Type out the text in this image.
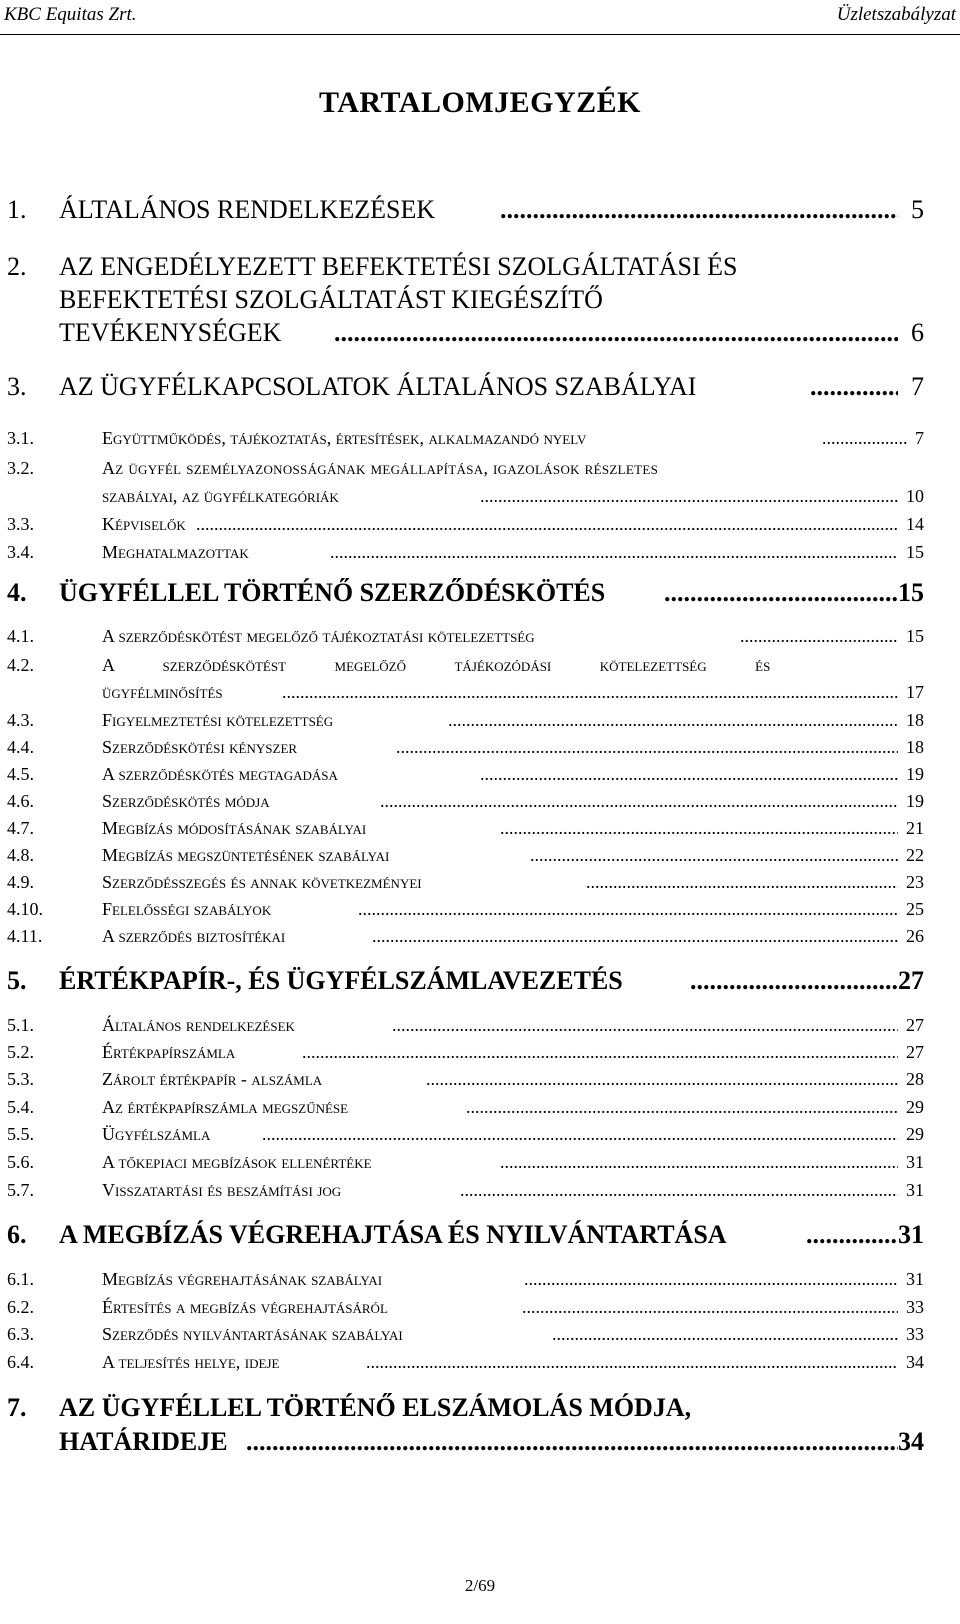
KBC Equitas Zrt.	Üzletszabályzat
TARTALOMJEGYZÉK
1. ÁLTALÁNOS RENDELKEZÉSEK .....	5
2. AZ ENGEDÉLYEZETT BEFEKTETÉSI SZOLGÁLTATÁSI ÉS
BEFEKTETÉSI SZOLGÁLTATÁST KIEGÉSZÍTŐ
TEVÉKENYSÉGEK .....	6
3. AZ ÜGYFÉLKAPCSOLATOK ÁLTALÁNOS SZABÁLYAI .....	7
3.1.	Együttműködés, tájékoztatás, értesítések, alkalmazandó nyelv .....	7
3.2.	Az ügyfél személyazonosságának megállapítása, igazolások részletes
szabályai, az ügyfélkategóriák .....	10
3.3.	Képviselők .....	14
3.4.	Meghatalmazottak .....	15
4. ÜGYFÉLLEL TÖRTÉNŐ SZERZŐDÉSKÖTÉS .....	15
4.1.	A szerződéskötést megelőző tájékoztatási kötelezettség .....	15
4.2.	A szerződéskötést megelőző tájékozódási kötelezettség és
ügyfélminősítés .....	17
4.3.	Figyelmeztetési kötelezettség .....	18
4.4.	Szerződéskötési kényszer .....	18
4.5.	A szerződéskötés megtagadása .....	19
4.6.	Szerződéskötés módja .....	19
4.7.	Megbízás módosításának szabályai .....	21
4.8.	Megbízás megszüntetésének szabályai .....	22
4.9.	Szerződésszegés és annak következményei .....	23
4.10.	Felelősségi szabályok .....	25
4.11.	A szerződés biztosítékai .....	26
5. ÉRTÉKPAPÍR-, ÉS ÜGYFÉLSZÁMLAVEZETÉS .....	27
5.1.	Általános rendelkezések .....	27
5.2.	Értékpapírszámla .....	27
5.3.	Zárolt értékpapír - alszámla .....	28
5.4.	Az értékpapírszámla megszűnése .....	29
5.5.	Ügyfélszámla .....	29
5.6.	A tőkepiaci megbízások ellenértéke .....	31
5.7.	Visszatartási és beszámítási jog .....	31
6. A MEGBÍZÁS VÉGREHAJTÁSA ÉS NYILVÁNTARTÁSA .....	31
6.1.	Megbízás végrehajtásának szabályai .....	31
6.2.	Értesítés a megbízás végrehajtásáról .....	33
6.3.	Szerződés nyilvántartásának szabályai .....	33
6.4.	A teljesítés helye, ideje .....	34
7. AZ ÜGYFÉLLEL TÖRTÉNŐ ELSZÁMOLÁS MÓDJA,
HATÁRIDEJE .....	34
2/69
